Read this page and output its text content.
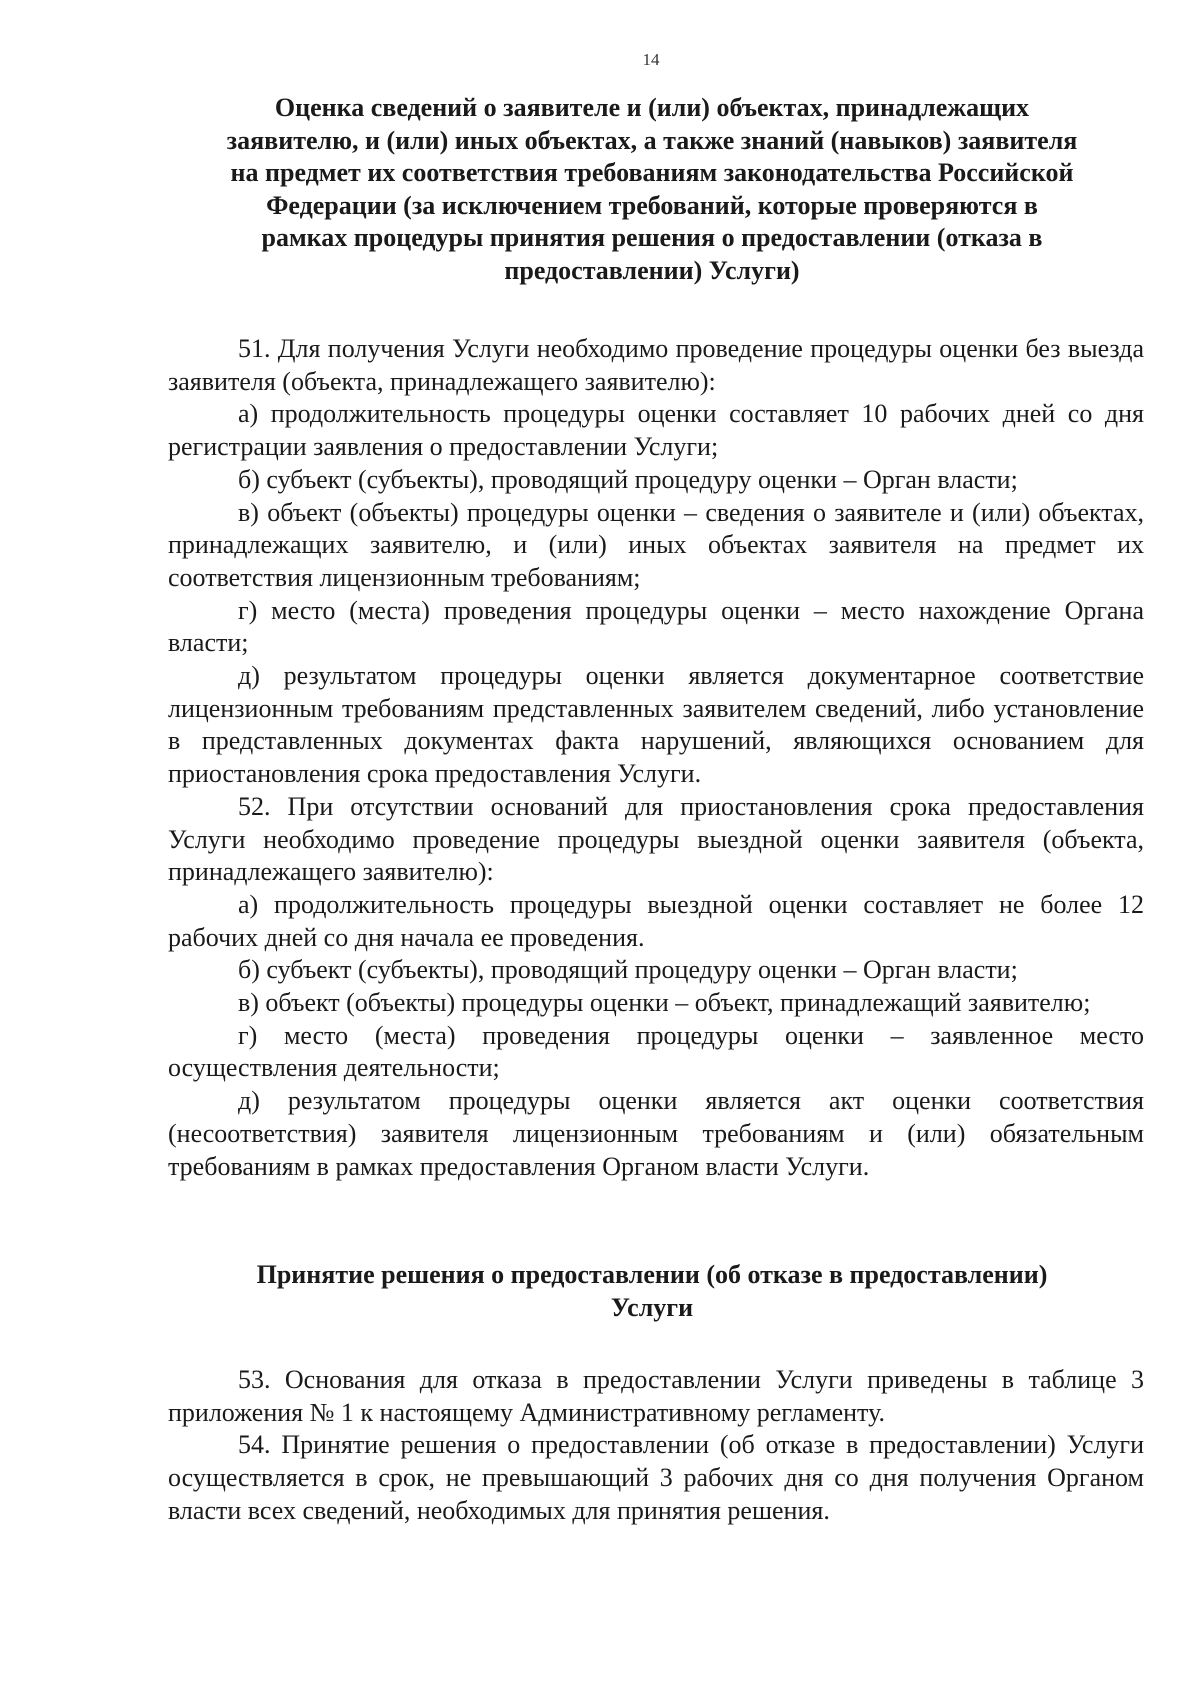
14
Оценка сведений о заявителе и (или) объектах, принадлежащих
заявителю, и (или) иных объектах, а также знаний (навыков) заявителя
на предмет их соответствия требованиям законодательства Российской
Федерации (за исключением требований, которые проверяются в
рамках процедуры принятия решения о предоставлении (отказа в
предоставлении) Услуги)

51. Для получения Услуги необходимо проведение процедуры оценки без выезда заявителя (объекта, принадлежащего заявителю):

а) продолжительность процедуры оценки составляет 10 рабочих дней со дня регистрации заявления о предоставлении Услуги;

б) субъект (субъекты), проводящий процедуру оценки – Орган власти;

в) объект (объекты) процедуры оценки – сведения о заявителе и (или) объектах, принадлежащих заявителю, и (или) иных объектах заявителя на предмет их соответствия лицензионным требованиям;

г) место (места) проведения процедуры оценки – место нахождение Органа власти;

д) результатом процедуры оценки является документарное соответствие лицензионным требованиям представленных заявителем сведений, либо установление в представленных документах факта нарушений, являющихся основанием для приостановления срока предоставления Услуги.

52. При отсутствии оснований для приостановления срока предоставления Услуги необходимо проведение процедуры выездной оценки заявителя (объекта, принадлежащего заявителю):

а) продолжительность процедуры выездной оценки составляет не более 12 рабочих дней со дня начала ее проведения.

б) субъект (субъекты), проводящий процедуру оценки – Орган власти;

в) объект (объекты) процедуры оценки – объект, принадлежащий заявителю;

г) место (места) проведения процедуры оценки – заявленное место осуществления деятельности;

д) результатом процедуры оценки является акт оценки соответствия (несоответствия) заявителя лицензионным требованиям и (или) обязательным требованиям в рамках предоставления Органом власти Услуги.

Принятие решения о предоставлении (об отказе в предоставлении)
Услуги

53. Основания для отказа в предоставлении Услуги приведены в таблице 3 приложения № 1 к настоящему Административному регламенту.

54. Принятие решения о предоставлении (об отказе в предоставлении) Услуги осуществляется в срок, не превышающий 3 рабочих дня со дня получения Органом власти всех сведений, необходимых для принятия решения.
